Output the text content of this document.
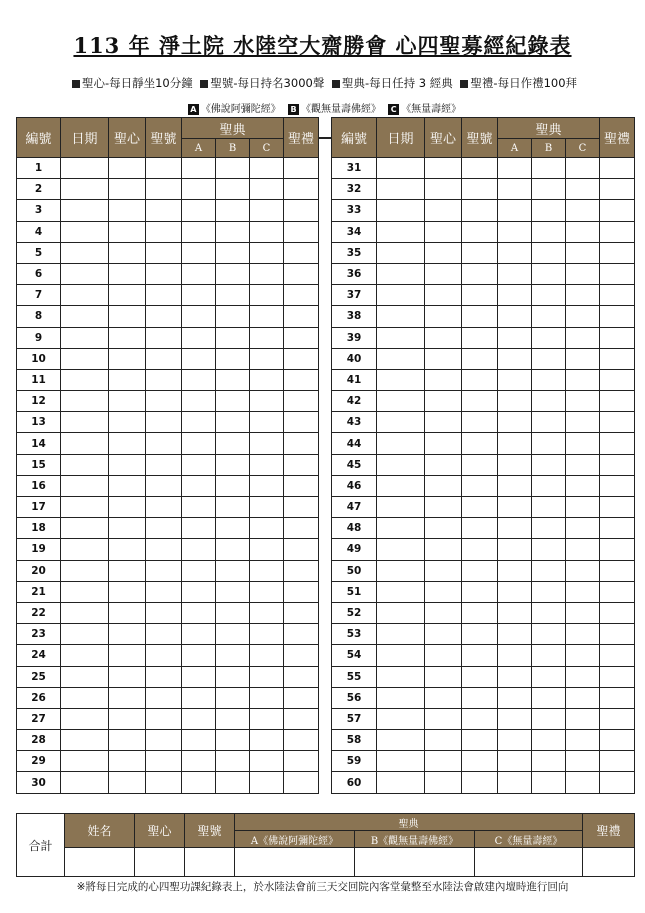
113 年 淨土院 水陸空大齋勝會 心四聖募經紀錄表
聖心-每日靜坐10分鐘 聖號-每日持名3000聲 聖典-每日任持 3 經典 聖禮-每日作禮100拜
A 《佛說阿彌陀經》 B 《觀無量壽佛經》 C 《無量壽經》
編號	日期	聖心	聖號	聖典			聖禮
				A	B	C	
1							
2							
3							
4							
5							
6							
7							
8							
9							
10							
11							
12							
13							
14							
15							
16							
17							
18							
19							
20							
21							
22							
23							
24							
25							
26							
27							
28							
29							
30							
編號	日期	聖心	聖號	聖典			聖禮
				A	B	C	
31							
32							
33							
34							
35							
36							
37							
38							
39							
40							
41							
42							
43							
44							
45							
46							
47							
48							
49							
50							
51							
52							
53							
54							
55							
56							
57							
58							
59							
60							
合計	姓名	聖心	聖號	聖典			聖禮
				A《佛說阿彌陀經》	B《觀無量壽佛經》	C《無量壽經》	

※將每日完成的心四聖功課紀錄表上，於水陸法會前三天交回院內客堂彙整至水陸法會啟建內壇時進行回向
